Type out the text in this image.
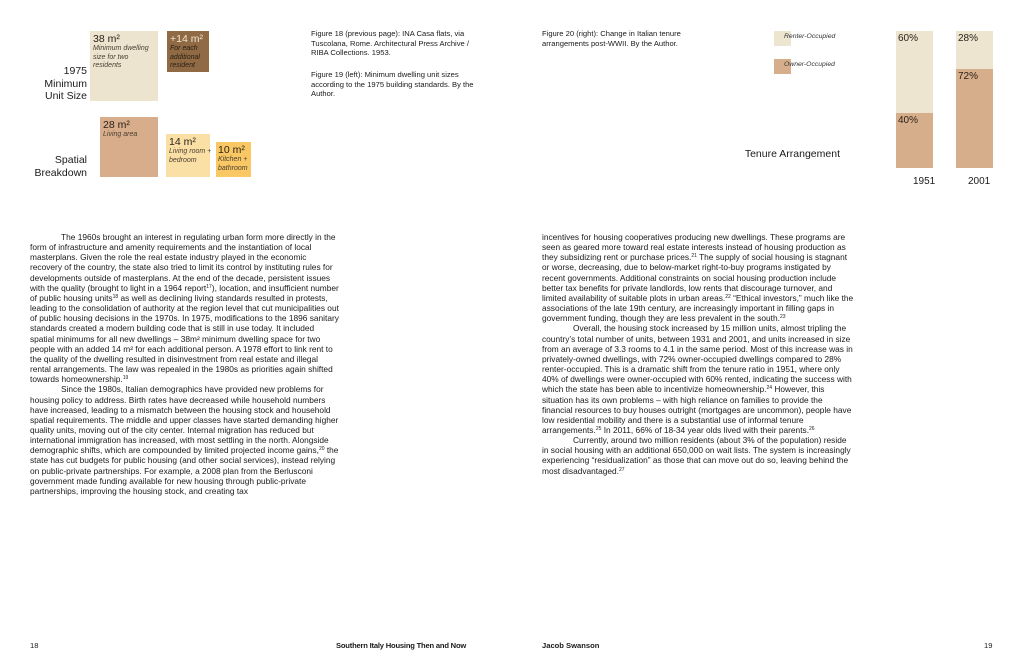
1975
Minimum
Unit Size
Spatial
Breakdown
38 m²
Minimum dwelling
size for two
residents
+14 m²
For each
additional
resident
28 m²
Living area
14 m²
Living room +
bedroom
10 m²
Kitchen +
bathroom
Figure 18 (previous page): INA Casa flats, via Tuscolana, Rome. Architectural Press Archive / RIBA Collections. 1953.
Figure 19 (left): Minimum dwelling unit sizes according to the 1975 building standards. By the Author.
Figure 20 (right): Change in Italian tenure arrangements post-WWII. By the Author.
Renter-Occupied
Owner-Occupied
Tenure Arrangement
60%
40%
1951
28%
72%
2001

The 1960s brought an interest in regulating urban form more directly in the form of infrastructure and amenity requirements and the instantiation of local masterplans. Given the role the real estate industry played in the economic recovery of the country, the state also tried to limit its control by instituting rules for developments outside of masterplans. At the end of the decade, persistent issues with the quality (brought to light in a 1964 report$^{17}$), location, and insufficient number of public housing units$^{18}$ as well as declining living standards resulted in protests, leading to the consolidation of authority at the region level that cut municipalities out of public housing decisions in the 1970s. In 1975, modifications to the 1896 sanitary standards created a modern building code that is still in use today. It included spatial minimums for all new dwellings – 38m² minimum dwelling space for two people with an added 14 m² for each additional person. A 1978 effort to link rent to the quality of the dwelling resulted in disinvestment from real estate and illegal rental arrangements. The law was repealed in the 1980s as priorities again shifted towards homeownership.$^{19}$

Since the 1980s, Italian demographics have provided new problems for housing policy to address. Birth rates have decreased while household numbers have increased, leading to a mismatch between the housing stock and household spatial requirements. The middle and upper classes have started demanding higher quality units, moving out of the city center. Internal migration has reduced but international immigration has increased, with most settling in the north. Alongside demographic shifts, which are compounded by limited projected income gains,$^{20}$ the state has cut budgets for public housing (and other social services), instead relying on public-private partnerships. For example, a 2008 plan from the Berlusconi government made funding available for new housing through public-private partnerships, improving the housing stock, and creating tax

incentives for housing cooperatives producing new dwellings. These programs are seen as geared more toward real estate interests instead of housing production as they subsidizing rent or purchase prices.$^{21}$ The supply of social housing is stagnant or worse, decreasing, due to below-market right-to-buy programs instigated by recent governments. Additional constraints on social housing production include better tax benefits for private landlords, low rents that discourage turnover, and limited availability of suitable plots in urban areas.$^{22}$ “Ethical investors,” much like the associations of the late 19th century, are increasingly important in filling gaps in government funding, though they are less prevalent in the south.$^{23}$

Overall, the housing stock increased by 15 million units, almost tripling the country’s total number of units, between 1931 and 2001, and units increased in size from an average of 3.3 rooms to 4.1 in the same period. Most of this increase was in privately-owned dwellings, with 72% owner-occupied dwellings compared to 28% renter-occupied. This is a dramatic shift from the tenure ratio in 1951, where only 40% of dwellings were owner-occupied with 60% rented, indicating the success with which the state has been able to incentivize homeownership.$^{24}$ However, this situation has its own problems – with high reliance on families to provide the financial resources to buy houses outright (mortgages are uncommon), people have low residential mobility and there is a substantial use of informal tenure arrangements.$^{25}$ In 2011, 66% of 18-34 year olds lived with their parents.$^{26}$

Currently, around two million residents (about 3% of the population) reside in social housing with an additional 650,000 on wait lists. The system is increasingly experiencing “residualization” as those that can move out do so, leaving behind the most disadvantaged.$^{27}$

18	Southern Italy Housing Then and Now	Jacob Swanson	19
